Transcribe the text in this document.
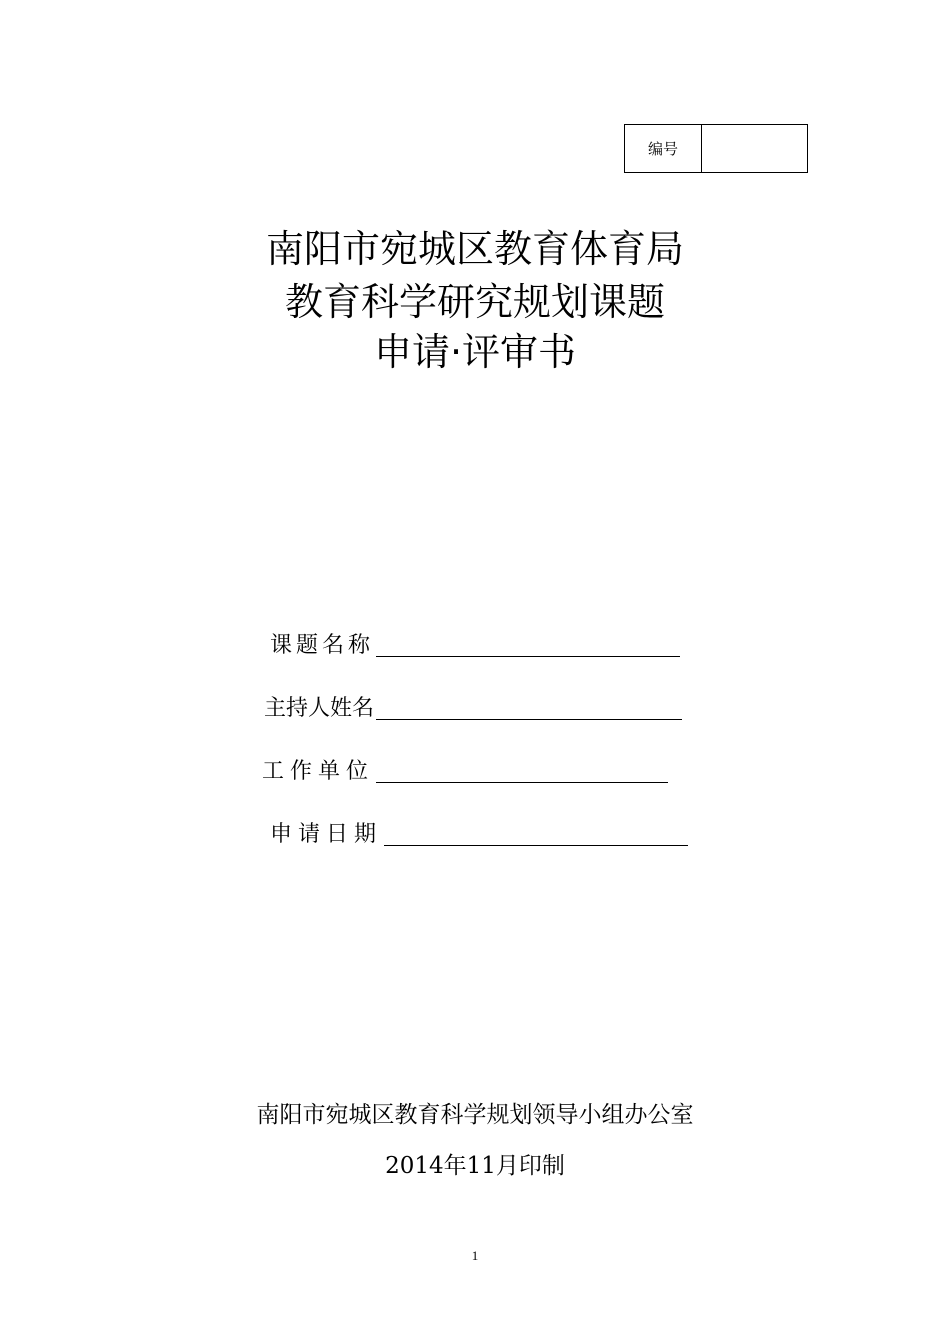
编号
南阳市宛城区教育体育局
教育科学研究规划课题
申请·评审书
课题名称
主持人姓名
工作单位
申请日期
南阳市宛城区教育科学规划领导小组办公室
2014年11月印制
1
